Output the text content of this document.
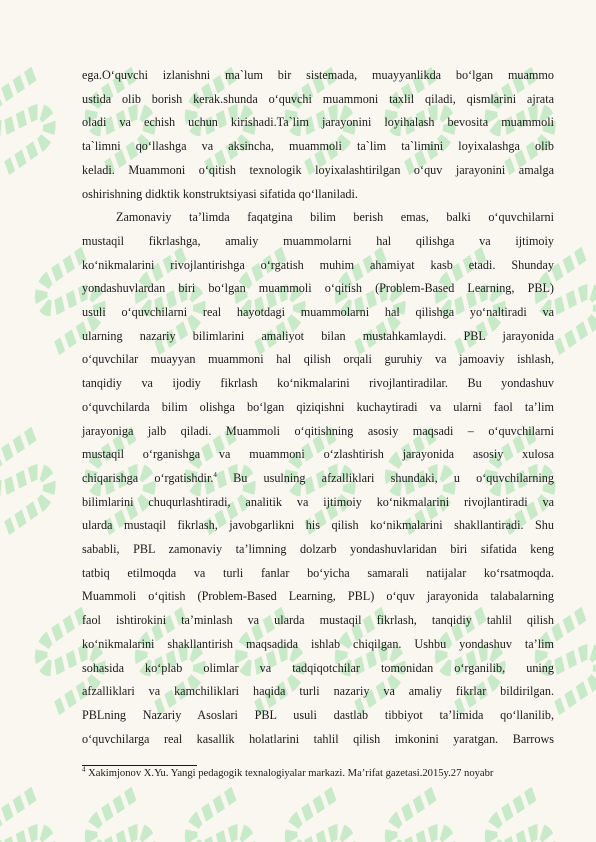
ega.O‘quvchi izlanishni ma`lum bir sistemada, muayyanlikda bo‘lgan muammo
ustida olib borish kerak.shunda o‘quvchi muammoni taxlil qiladi, qismlarini ajrata
oladi va echish uchun kirishadi.Ta`lim jarayonini loyihalash bevosita muammoli
ta`limni qo‘llashga va aksincha, muammoli ta`lim ta`limini loyixalashga olib
keladi. Muammoni o‘qitish texnologik loyixalashtirilgan o‘quv jarayonini amalga
oshirishning didktik konstruktsiyasi sifatida qo‘llaniladi.
Zamonaviy ta’limda faqatgina bilim berish emas, balki o‘quvchilarni
mustaqil fikrlashga, amaliy muammolarni hal qilishga va ijtimoiy
ko‘nikmalarini rivojlantirishga o‘rgatish muhim ahamiyat kasb etadi. Shunday
yondashuvlardan biri bo‘lgan muammoli o‘qitish (Problem-Based Learning, PBL)
usuli o‘quvchilarni real hayotdagi muammolarni hal qilishga yo‘naltiradi va
ularning nazariy bilimlarini amaliyot bilan mustahkamlaydi. PBL jarayonida
o‘quvchilar muayyan muammoni hal qilish orqali guruhiy va jamoaviy ishlash,
tanqidiy va ijodiy fikrlash ko‘nikmalarini rivojlantiradilar. Bu yondashuv
o‘quvchilarda bilim olishga bo‘lgan qiziqishni kuchaytiradi va ularni faol ta’lim
jarayoniga jalb qiladi. Muammoli o‘qitishning asosiy maqsadi – o‘quvchilarni
mustaqil o‘rganishga va muammoni o‘zlashtirish jarayonida asosiy xulosa
chiqarishga o‘rgatishdir.$^4$ Bu usulning afzalliklari shundaki, u o‘quvchilarning
bilimlarini chuqurlashtiradi, analitik va ijtimoiy ko‘nikmalarini rivojlantiradi va
ularda mustaqil fikrlash, javobgarlikni his qilish ko‘nikmalarini shakllantiradi. Shu
sababli, PBL zamonaviy ta’limning dolzarb yondashuvlaridan biri sifatida keng
tatbiq etilmoqda va turli fanlar bo‘yicha samarali natijalar ko‘rsatmoqda.
Muammoli o‘qitish (Problem-Based Learning, PBL) o‘quv jarayonida talabalarning
faol ishtirokini ta’minlash va ularda mustaqil fikrlash, tanqidiy tahlil qilish
ko‘nikmalarini shakllantirish maqsadida ishlab chiqilgan. Ushbu yondashuv ta’lim
sohasida ko‘plab olimlar va tadqiqotchilar tomonidan o‘rganilib, uning
afzalliklari va kamchiliklari haqida turli nazariy va amaliy fikrlar bildirilgan.
PBLning Nazariy Asoslari PBL usuli dastlab tibbiyot ta’limida qo‘llanilib,
o‘quvchilarga real kasallik holatlarini tahlil qilish imkonini yaratgan. Barrows
$^4$ Xakimjonov X.Yu. Yangi pedagogik texnalogiyalar markazi. Ma’rifat gazetasi.2015y.27 noyabr
